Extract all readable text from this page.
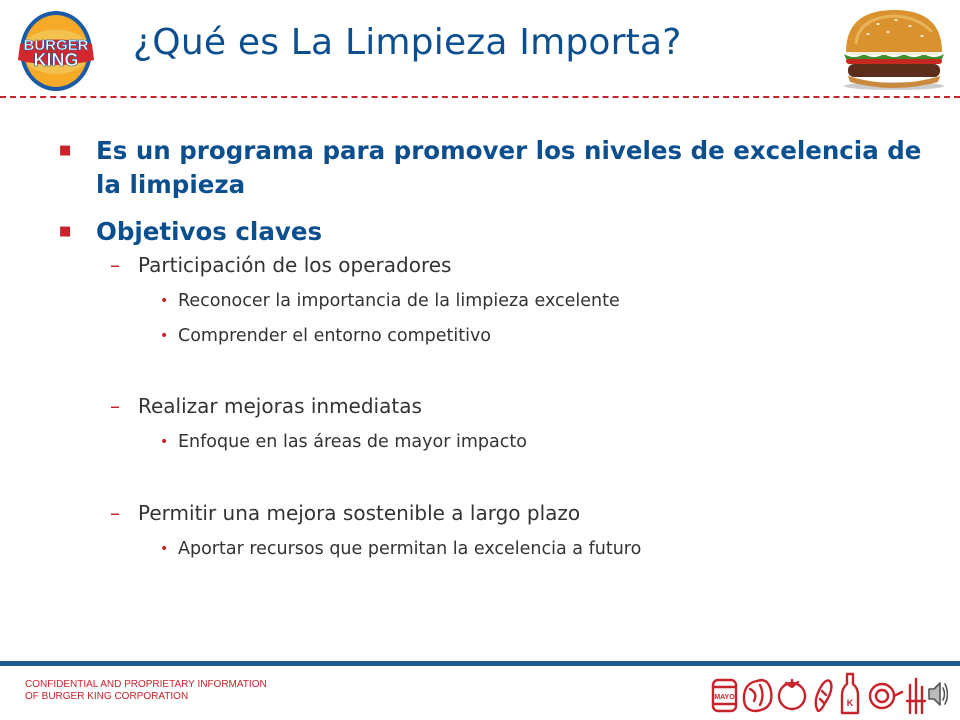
BURGER
KING ¿Qué es La Limpieza Importa?
■ Es un programa para promover los niveles de excelencia de la limpieza
■ Objetivos claves
– Participación de los operadores
• Reconocer la importancia de la limpieza excelente
• Comprender el entorno competitivo
– Realizar mejoras inmediatas
• Enfoque en las áreas de mayor impacto
– Permitir una mejora sostenible a largo plazo
• Aportar recursos que permitan la excelencia a futuro
CONFIDENTIAL AND PROPRIETARY INFORMATION
OF BURGER KING CORPORATION	MAYO
K
